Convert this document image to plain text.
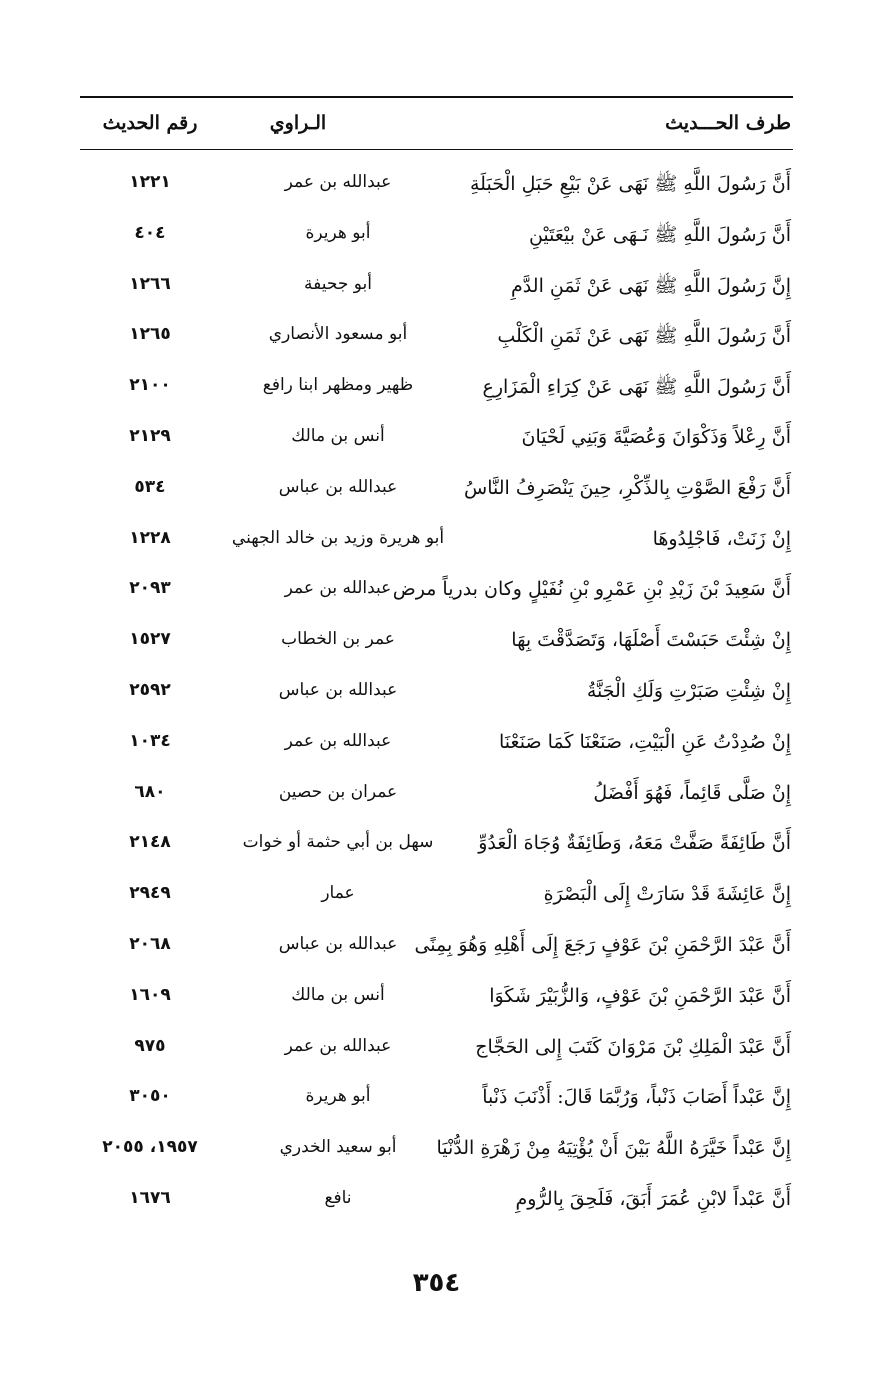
طرف الحـــديث
الـراوي
رقم الحديث
أَنَّ رَسُولَ اللَّهِ ﷺ نَهَى عَنْ بَيْعِ حَبَلِ الْحَبَلَةِ
عبدالله بن عمر
١٢٢١
أَنَّ رَسُولَ اللَّهِ ﷺ نَـهَى عَنْ بيْعَتَيْنِ
أبو هريرة
٤٠٤
إِنَّ رَسُولَ اللَّهِ ﷺ نَهَى عَنْ ثَمَنِ الدَّمِ
أبو جحيفة
١٢٦٦
أَنَّ رَسُولَ اللَّهِ ﷺ نَهَى عَنْ ثَمَنِ الْكَلْبِ
أبو مسعود الأنصاري
١٢٦٥
أَنَّ رَسُولَ اللَّهِ ﷺ نَهَى عَنْ كِرَاءِ الْمَزَارِعِ
ظهير ومظهر ابنا رافع
٢١٠٠
أَنَّ رِعْلاً وَذَكْوَانَ وَعُصَيَّةَ وَبَنِي لَحْيَانَ
أنس بن مالك
٢١٢٩
أَنَّ رَفْعَ الصَّوْتِ بِالذِّكْرِ، حِينَ يَنْصَرِفُ النَّاسُ
عبدالله بن عباس
٥٣٤
إِنْ زَنَتْ، فَاجْلِدُوهَا
أبو هريرة وزيد بن خالد الجهني
١٢٢٨
أَنَّ سَعِيدَ بْنَ زَيْدِ بْنِ عَمْرِو بْنِ نُفَيْلٍ وكان بدرياً مرض
عبدالله بن عمر
٢٠٩٣
إِنْ شِئْتَ حَبَسْتَ أَصْلَهَا، وَتَصَدَّقْتَ بِهَا
عمر بن الخطاب
١٥٢٧
إِنْ شِئْتِ صَبَرْتِ وَلَكِ الْجَنَّةُ
عبدالله بن عباس
٢٥٩٢
إِنْ صُدِدْتُ عَنِ الْبَيْتِ، صَنَعْنَا كَمَا صَنَعْنَا
عبدالله بن عمر
١٠٣٤
إِنْ صَلَّى قَائِماً، فَهُوَ أَفْضَلُ
عمران بن حصين
٦٨٠
أَنَّ طَائِفَةً صَفَّتْ مَعَهُ، وَطَائِفَةٌ وُجَاهَ الْعَدُوِّ
سهل بن أبي حثمة أو خوات
٢١٤٨
إِنَّ عَائِشَةَ قَدْ سَارَتْ إِلَى الْبَصْرَةِ
عمار
٢٩٤٩
أَنَّ عَبْدَ الرَّحْمَنِ بْنَ عَوْفٍ رَجَعَ إِلَى أَهْلِهِ وَهُوَ بِمِنًى
عبدالله بن عباس
٢٠٦٨
أَنَّ عَبْدَ الرَّحْمَنِ بْنَ عَوْفٍ، وَالزُّبَيْرَ شَكَوَا
أنس بن مالك
١٦٠٩
أَنَّ عَبْدَ الْمَلِكِ بْنَ مَرْوَانَ كَتَبَ إِلى الحَجَّاج
عبدالله بن عمر
٩٧٥
إِنَّ عَبْداً أَصَابَ ذَنْباً، وَرُبَّمَا قَالَ: أَذْنَبَ ذَنْباً
أبو هريرة
٣٠٥٠
إِنَّ عَبْداً خَيَّرَهُ اللَّهُ بَيْنَ أَنْ يُؤْتِيَهُ مِنْ زَهْرَةِ الدُّنْيَا
أبو سعيد الخدري
١٩٥٧، ٢٠٥٥
أَنَّ عَبْداً لابْنِ عُمَرَ أَبَقَ، فَلَحِقَ بِالرُّومِ
نافع
١٦٧٦
٣٥٤
